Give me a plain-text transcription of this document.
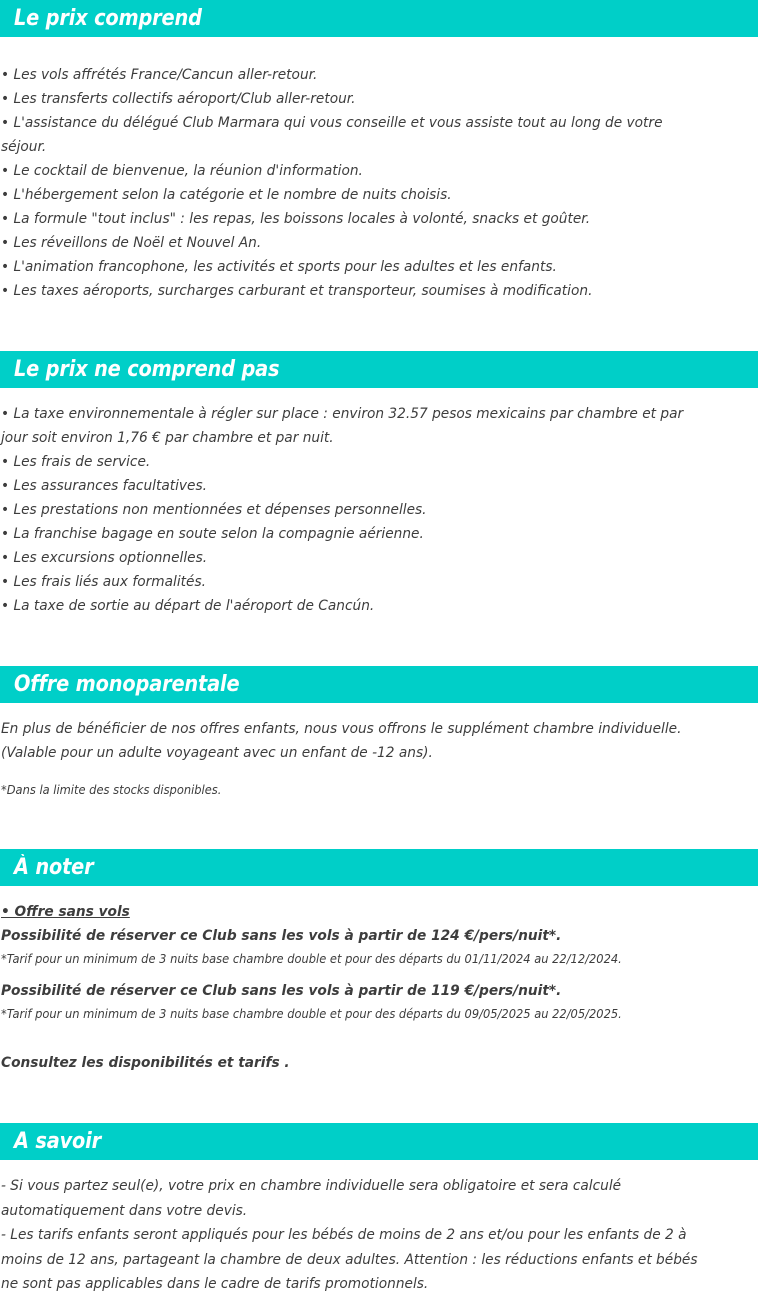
Le prix comprend
• Les vols affrétés France/Cancun aller-retour.
• Les transferts collectifs aéroport/Club aller-retour.
• L'assistance du délégué Club Marmara qui vous conseille et vous assiste tout au long de votre séjour.
• Le cocktail de bienvenue, la réunion d'information.
• L'hébergement selon la catégorie et le nombre de nuits choisis.
• La formule "tout inclus" : les repas, les boissons locales à volonté, snacks et goûter.
• Les réveillons de Noël et Nouvel An.
• L'animation francophone, les activités et sports pour les adultes et les enfants.
• Les taxes aéroports, surcharges carburant et transporteur, soumises à modification.
Le prix ne comprend pas
• La taxe environnementale à régler sur place : environ 32.57 pesos mexicains par chambre et par jour soit environ 1,76 € par chambre et par nuit.
• Les frais de service.
• Les assurances facultatives.
• Les prestations non mentionnées et dépenses personnelles.
• La franchise bagage en soute selon la compagnie aérienne.
• Les excursions optionnelles.
• Les frais liés aux formalités.
• La taxe de sortie au départ de l'aéroport de Cancún.
Offre monoparentale
En plus de bénéficier de nos offres enfants, nous vous offrons le supplément chambre individuelle.
(Valable pour un adulte voyageant avec un enfant de -12 ans).
*Dans la limite des stocks disponibles.
À noter
• Offre sans vols
Possibilité de réserver ce Club sans les vols à partir de 124 €/pers/nuit*.
*Tarif pour un minimum de 3 nuits base chambre double et pour des départs du 01/11/2024 au 22/12/2024.
Possibilité de réserver ce Club sans les vols à partir de 119 €/pers/nuit*.
*Tarif pour un minimum de 3 nuits base chambre double et pour des départs du 09/05/2025 au 22/05/2025.
Consultez les disponibilités et tarifs .
A savoir
- Si vous partez seul(e), votre prix en chambre individuelle sera obligatoire et sera calculé automatiquement dans votre devis.
- Les tarifs enfants seront appliqués pour les bébés de moins de 2 ans et/ou pour les enfants de 2 à moins de 12 ans, partageant la chambre de deux adultes. Attention : les réductions enfants et bébés ne sont pas applicables dans le cadre de tarifs promotionnels.
